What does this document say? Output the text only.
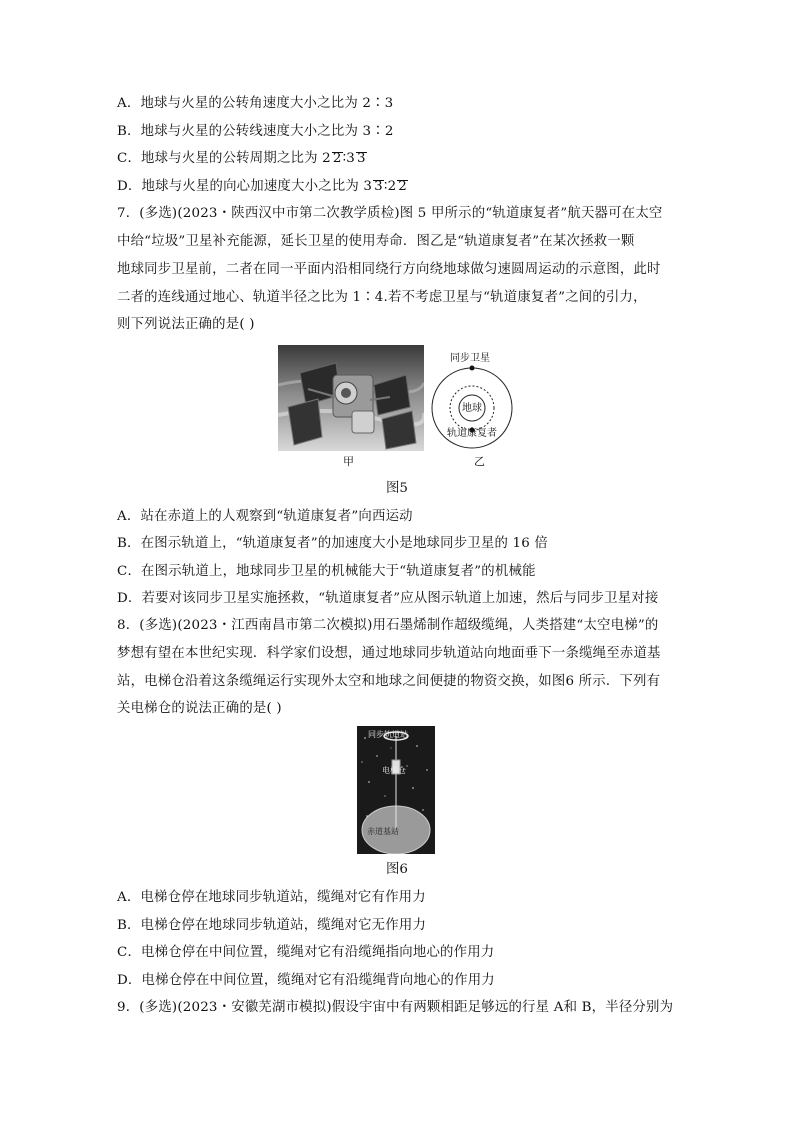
A．地球与火星的公转角速度大小之比为 2∶3
B．地球与火星的公转线速度大小之比为 3∶2
C．地球与火星的公转周期之比为 2 2∶3 3
D．地球与火星的向心加速度大小之比为 3 3∶2 2
7．(多选)(2023・陕西汉中市第二次教学质检)图 5 甲所示的“轨道康复者”航天器可在太空
中给“垃圾”卫星补充能源，延长卫星的使用寿命．图乙是“轨道康复者”在某次拯救一颗
地球同步卫星前，二者在同一平面内沿相同绕行方向绕地球做匀速圆周运动的示意图，此时
二者的连线通过地心、轨道半径之比为 1∶4.若不考虑卫星与“轨道康复者”之间的引力，
则下列说法正确的是( )
同步卫星
地球
轨道康复者
甲	乙
图5
A．站在赤道上的人观察到“轨道康复者”向西运动
B．在图示轨道上，“轨道康复者”的加速度大小是地球同步卫星的 16 倍
C．在图示轨道上，地球同步卫星的机械能大于“轨道康复者”的机械能
D．若要对该同步卫星实施拯救，“轨道康复者”应从图示轨道上加速，然后与同步卫星对接
8．(多选)(2023・江西南昌市第二次模拟)用石墨烯制作超级缆绳，人类搭建“太空电梯”的
梦想有望在本世纪实现．科学家们设想，通过地球同步轨道站向地面垂下一条缆绳至赤道基
站，电梯仓沿着这条缆绳运行实现外太空和地球之间便捷的物资交换，如图6 所示．下列有
关电梯仓的说法正确的是( )
同步轨道站
电梯仓
赤道基站
图6
A．电梯仓停在地球同步轨道站，缆绳对它有作用力
B．电梯仓停在地球同步轨道站，缆绳对它无作用力
C．电梯仓停在中间位置，缆绳对它有沿缆绳指向地心的作用力
D．电梯仓停在中间位置，缆绳对它有沿缆绳背向地心的作用力
9．(多选)(2023・安徽芜湖市模拟)假设宇宙中有两颗相距足够远的行星 A和 B，半径分别为
